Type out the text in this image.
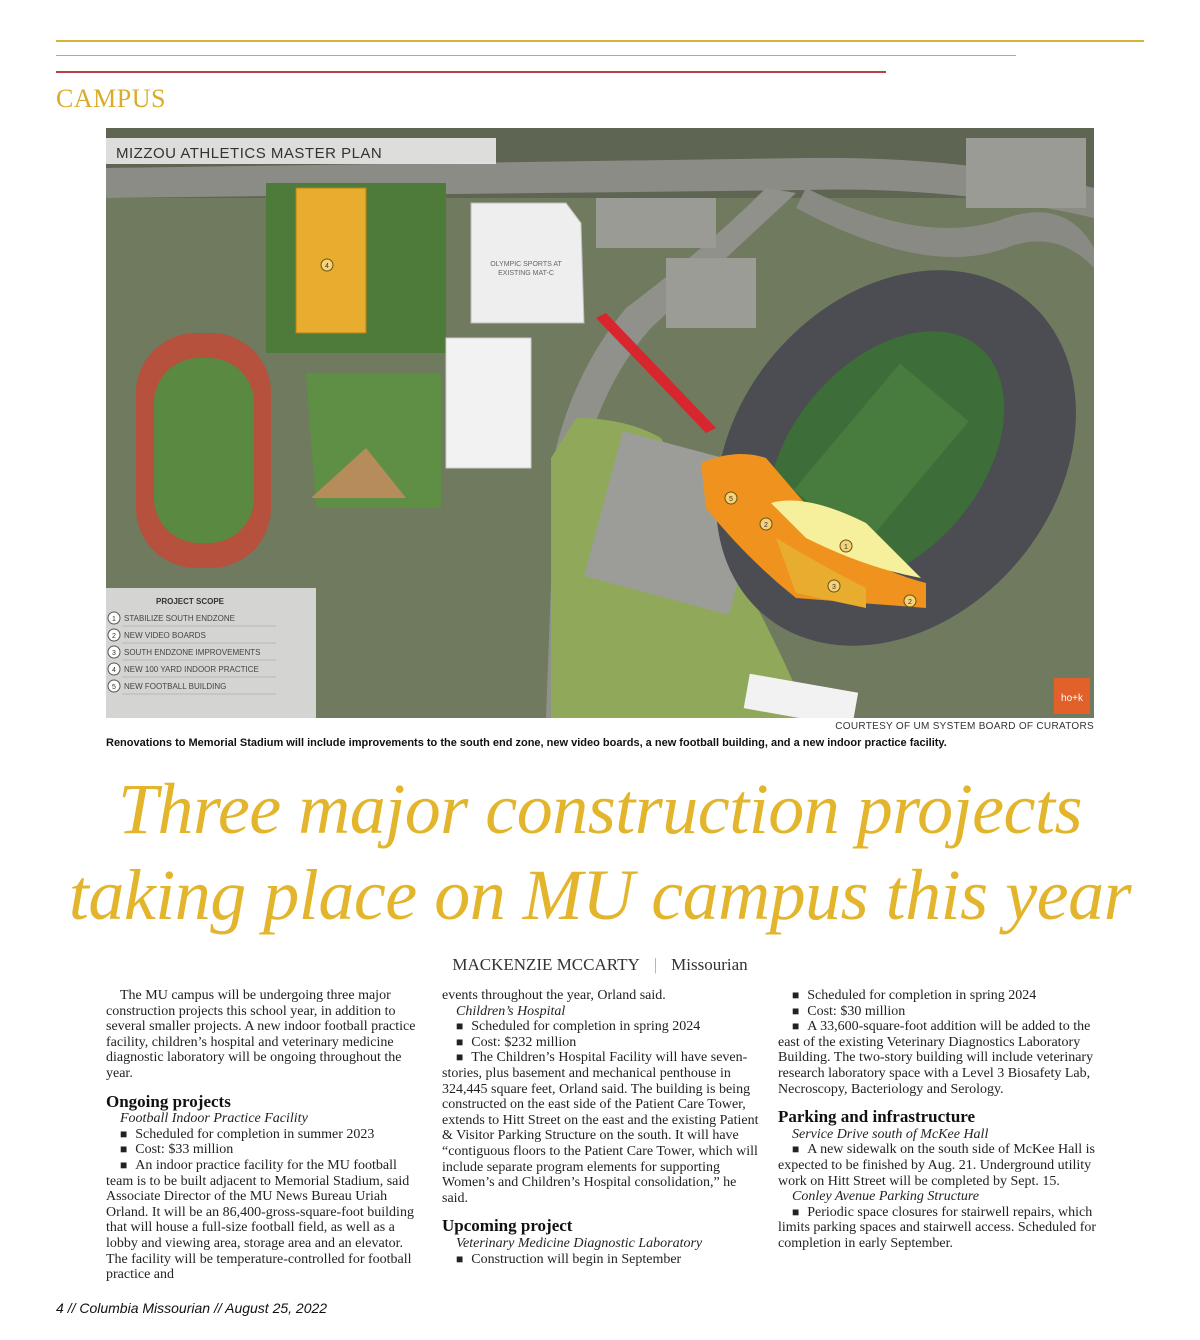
CAMPUS
4	OLYMPIC SPORTS AT
EXISTING MAT-C
5
2
1
3
2
MIZZOU ATHLETICS MASTER PLAN
PROJECT SCOPE
1 STABILIZE SOUTH ENDZONE
2 NEW VIDEO BOARDS
3 SOUTH ENDZONE IMPROVEMENTS
4 NEW 100 YARD INDOOR PRACTICE
5 NEW FOOTBALL BUILDING
ho+k
COURTESY OF UM SYSTEM BOARD OF CURATORS
Renovations to Memorial Stadium will include improvements to the south end zone, new video boards, a new football building, and a new indoor practice facility.
Three major construction projects
taking place on MU campus this year
MACKENZIE MCCARTY | Missourian

The MU campus will be undergoing three major construction projects this school year, in addition to several smaller projects. A new indoor football practice facility, children’s hospital and veterinary medicine diagnostic laboratory will be ongoing throughout the year.

Ongoing projects

Football Indoor Practice Facility

■ Scheduled for completion in summer 2023

■ Cost: $33 million

■ An indoor practice facility for the MU football team is to be built adjacent to Memorial Stadium, said Associate Director of the MU News Bureau Uriah Orland. It will be an 86,400-gross-square-foot building that will house a full-size football field, as well as a lobby and viewing area, storage area and an elevator. The facility will be temperature-controlled for football practice and

events throughout the year, Orland said.

Children’s Hospital

■ Scheduled for completion in spring 2024

■ Cost: $232 million

■ The Children’s Hospital Facility will have seven-stories, plus basement and mechanical penthouse in 324,445 square feet, Orland said. The building is being constructed on the east side of the Patient Care Tower, extends to Hitt Street on the east and the existing Patient & Visitor Parking Structure on the south. It will have “contiguous floors to the Patient Care Tower, which will include separate program elements for supporting Women’s and Children’s Hospital consolidation,” he said.

Upcoming project

Veterinary Medicine Diagnostic Laboratory

■ Construction will begin in September

■ Scheduled for completion in spring 2024

■ Cost: $30 million

■ A 33,600-square-foot addition will be added to the east of the existing Veterinary Diagnostics Laboratory Building. The two-story building will include veterinary research laboratory space with a Level 3 Biosafety Lab, Necroscopy, Bacteriology and Serology.

Parking and infrastructure

Service Drive south of McKee Hall

■ A new sidewalk on the south side of McKee Hall is expected to be finished by Aug. 21. Underground utility work on Hitt Street will be completed by Sept. 15.

Conley Avenue Parking Structure

■ Periodic space closures for stairwell repairs, which limits parking spaces and stairwell access. Scheduled for completion in early September.

4 // Columbia Missourian // August 25, 2022
